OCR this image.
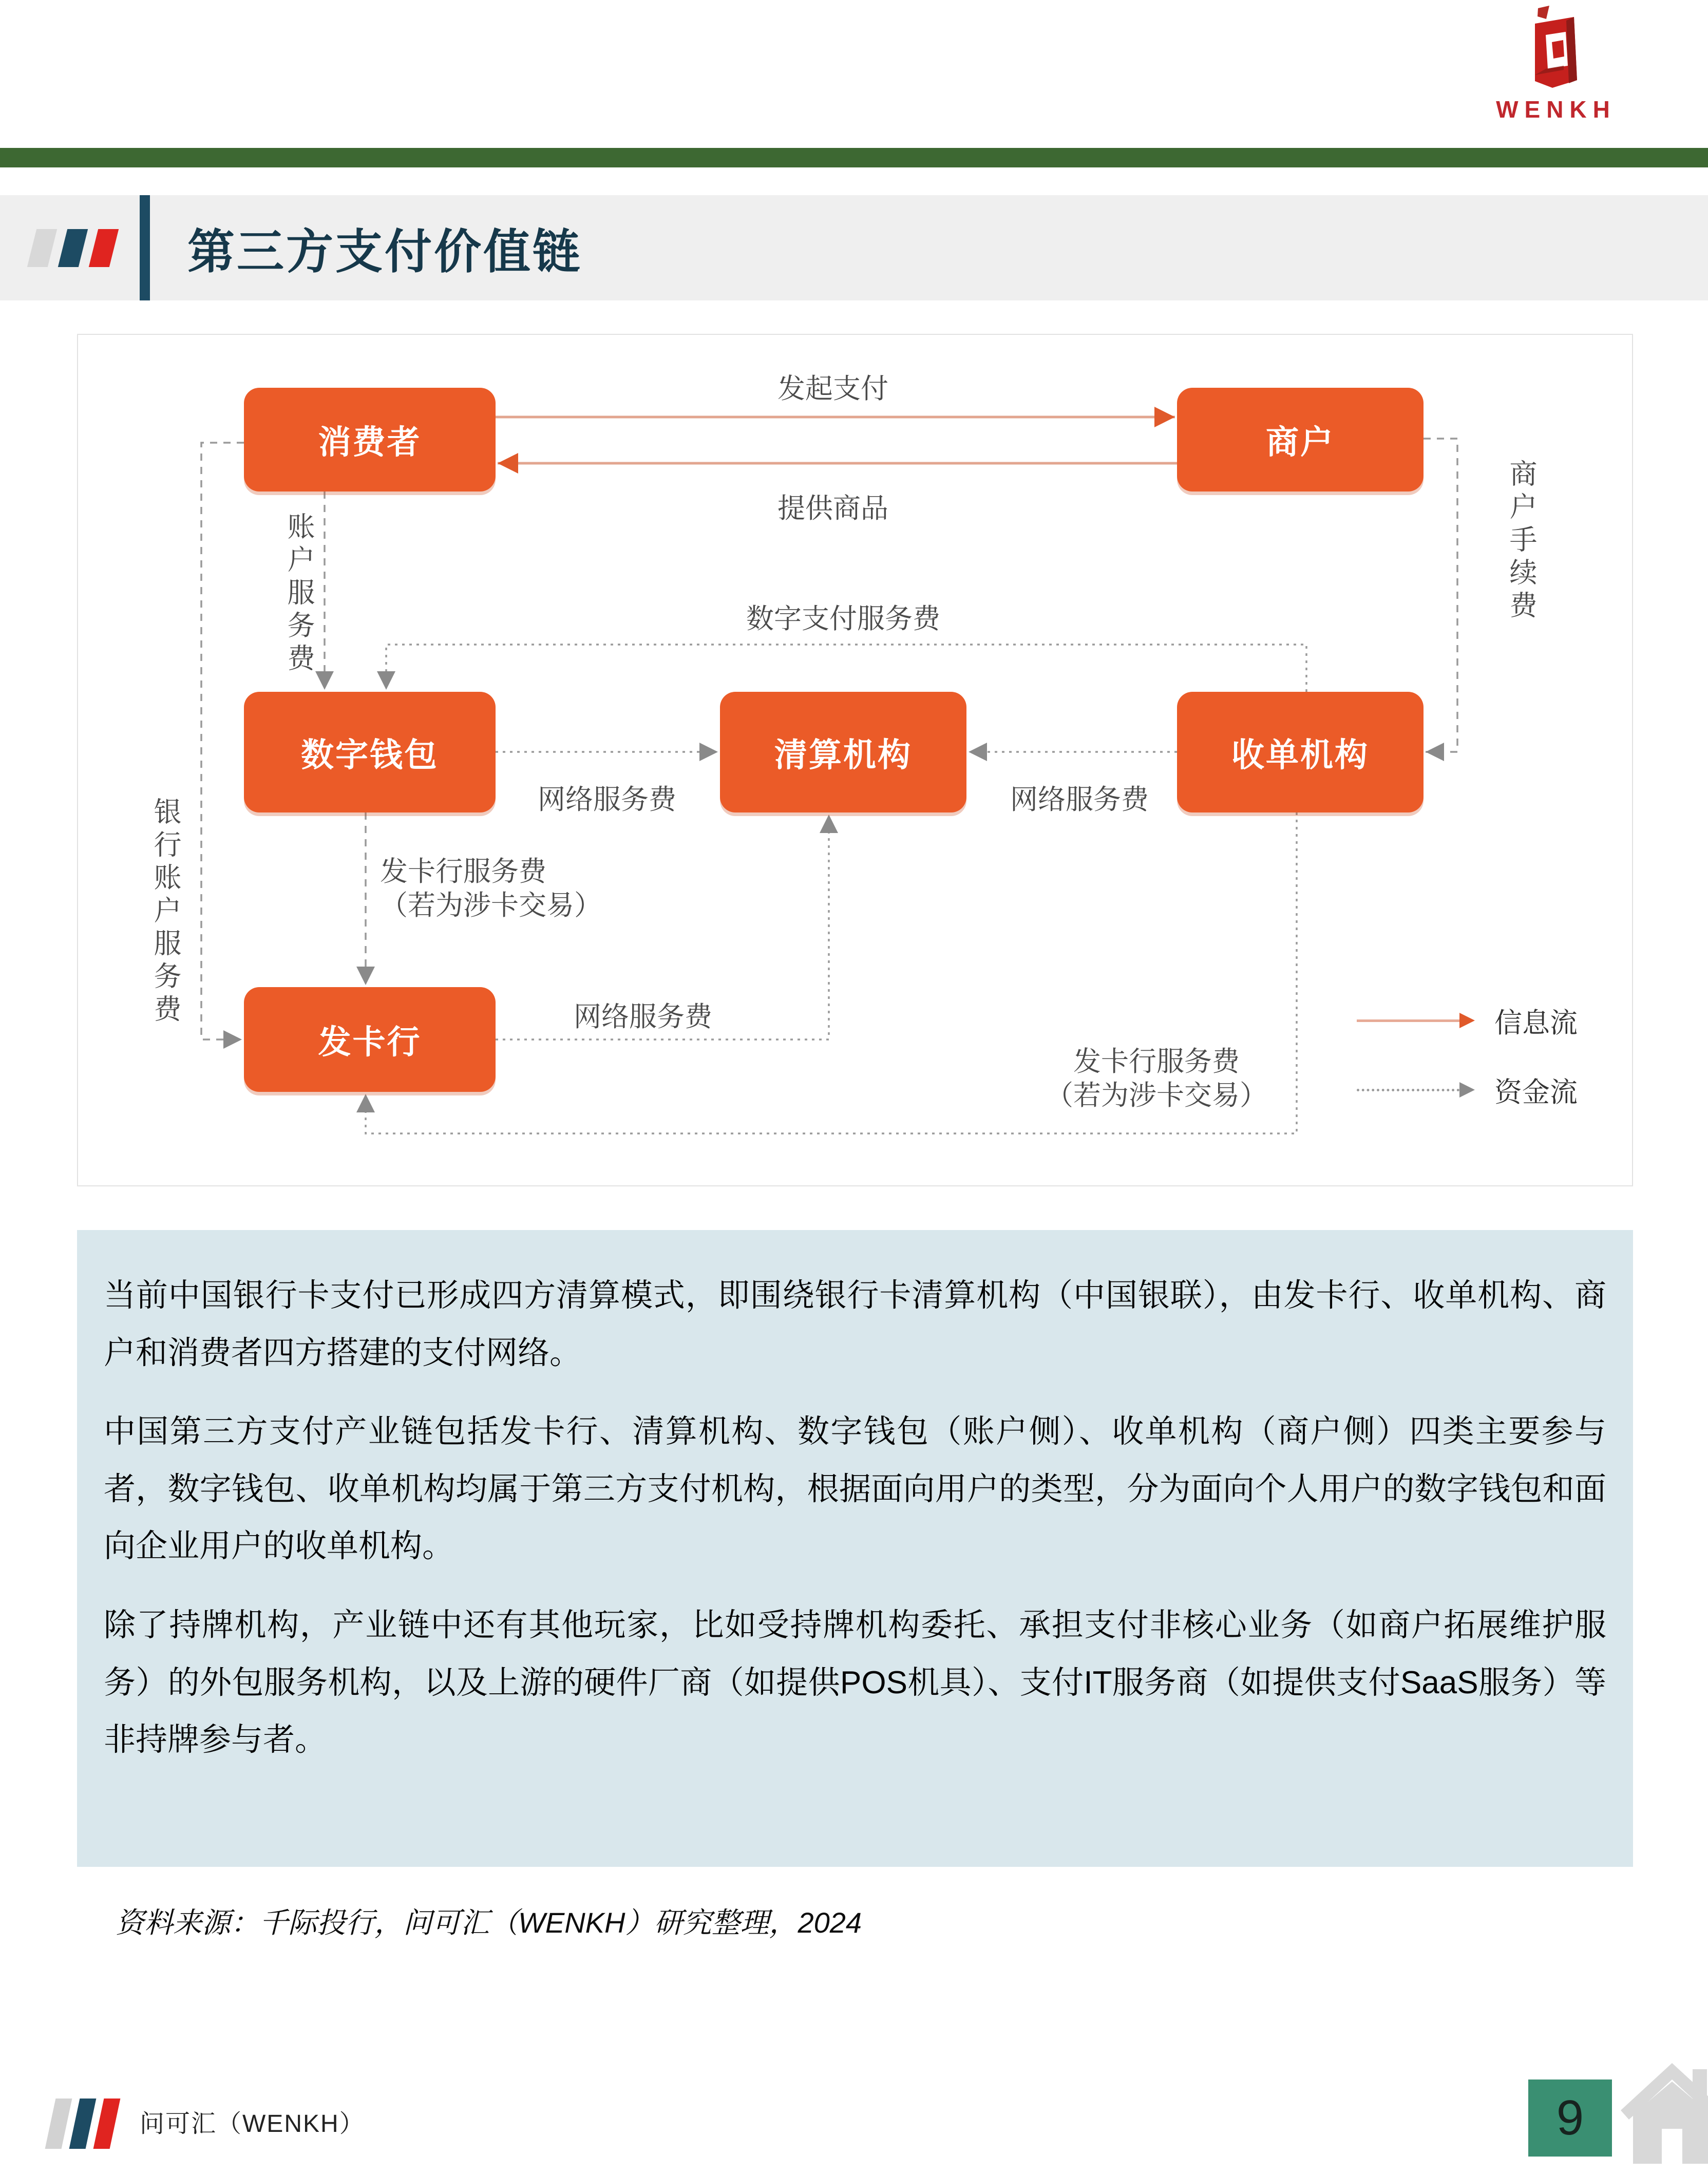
WENKH
第三方支付价值链
消费者	商户
数字钱包	清算机构	收单机构
发卡行
发起支付
提供商品
账户服务费
银行账户服务费
数字支付服务费
网络服务费	网络服务费
商户手续费
发卡行服务费
（若为涉卡交易）
网络服务费
发卡行服务费
（若为涉卡交易）
信息流
资金流

当前中国银行卡支付已形成四方清算模式，即围绕银行卡清算机构（中国银联），由发卡行、收单机构、商户和消费者四方搭建的支付网络。

中国第三方支付产业链包括发卡行、清算机构、数字钱包（账户侧）、收单机构（商户侧）四类主要参与者，数字钱包、收单机构均属于第三方支付机构，根据面向用户的类型，分为面向个人用户的数字钱包和面向企业用户的收单机构。

除了持牌机构，产业链中还有其他玩家，比如受持牌机构委托、承担支付非核心业务（如商户拓展维护服务）的外包服务机构，以及上游的硬件厂商（如提供POS机具）、支付IT服务商（如提供支付SaaS服务）等非持牌参与者。

资料来源：千际投行，问可汇（WENKH）研究整理，2024
问可汇（WENKH）	9
